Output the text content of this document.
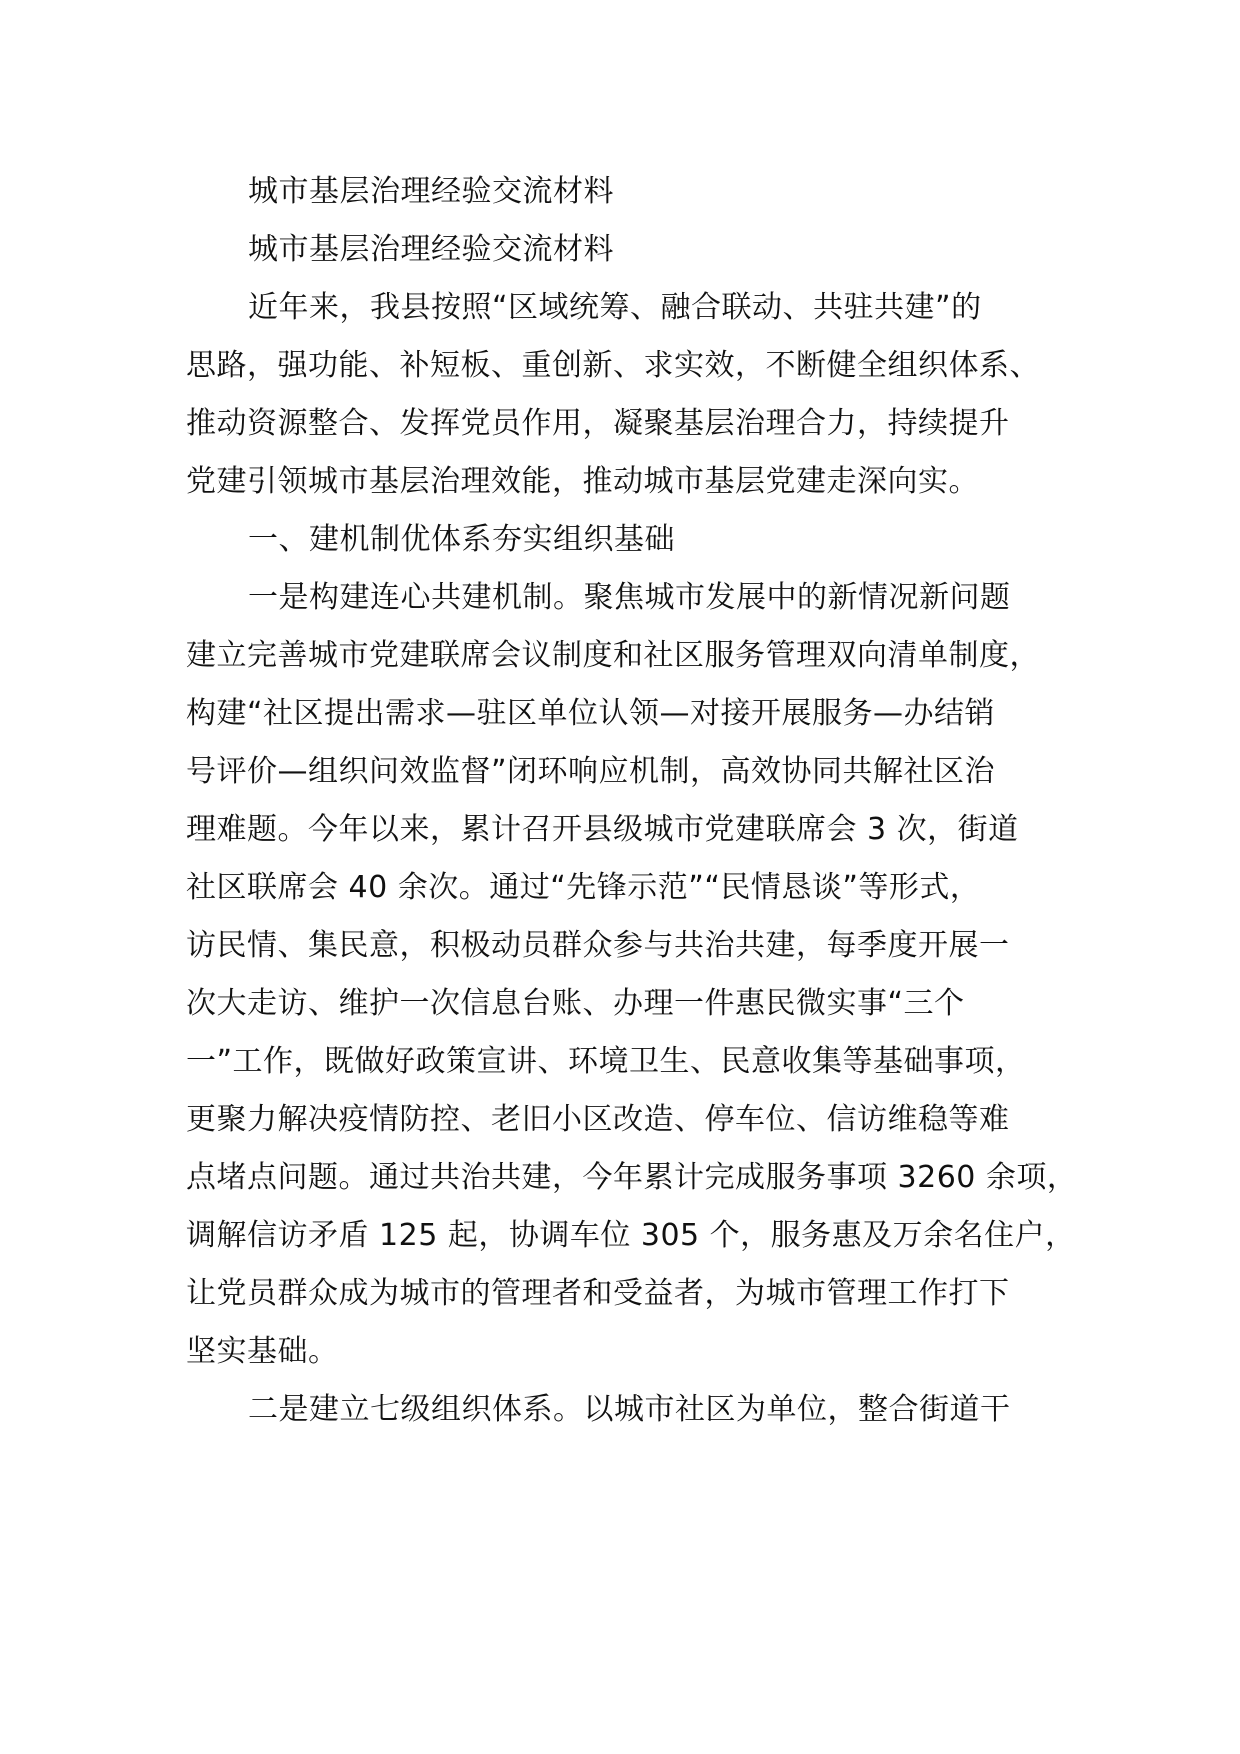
城市基层治理经验交流材料
城市基层治理经验交流材料
近年来，我县按照“区域统筹、融合联动、共驻共建”的
思路，强功能、补短板、重创新、求实效，不断健全组织体系、
推动资源整合、发挥党员作用，凝聚基层治理合力，持续提升
党建引领城市基层治理效能，推动城市基层党建走深向实。
一、建机制优体系夯实组织基础
一是构建连心共建机制。聚焦城市发展中的新情况新问题
建立完善城市党建联席会议制度和社区服务管理双向清单制度，
构建“社区提出需求—驻区单位认领—对接开展服务—办结销
号评价—组织问效监督”闭环响应机制，高效协同共解社区治
理难题。今年以来，累计召开县级城市党建联席会 3 次，街道
社区联席会 40 余次。通过“先锋示范”“民情恳谈”等形式，
访民情、集民意，积极动员群众参与共治共建，每季度开展一
次大走访、维护一次信息台账、办理一件惠民微实事“三个
一”工作，既做好政策宣讲、环境卫生、民意收集等基础事项，
更聚力解决疫情防控、老旧小区改造、停车位、信访维稳等难
点堵点问题。通过共治共建，今年累计完成服务事项 3260 余项，
调解信访矛盾 125 起，协调车位 305 个，服务惠及万余名住户，
让党员群众成为城市的管理者和受益者，为城市管理工作打下
坚实基础。
二是建立七级组织体系。以城市社区为单位，整合街道干
